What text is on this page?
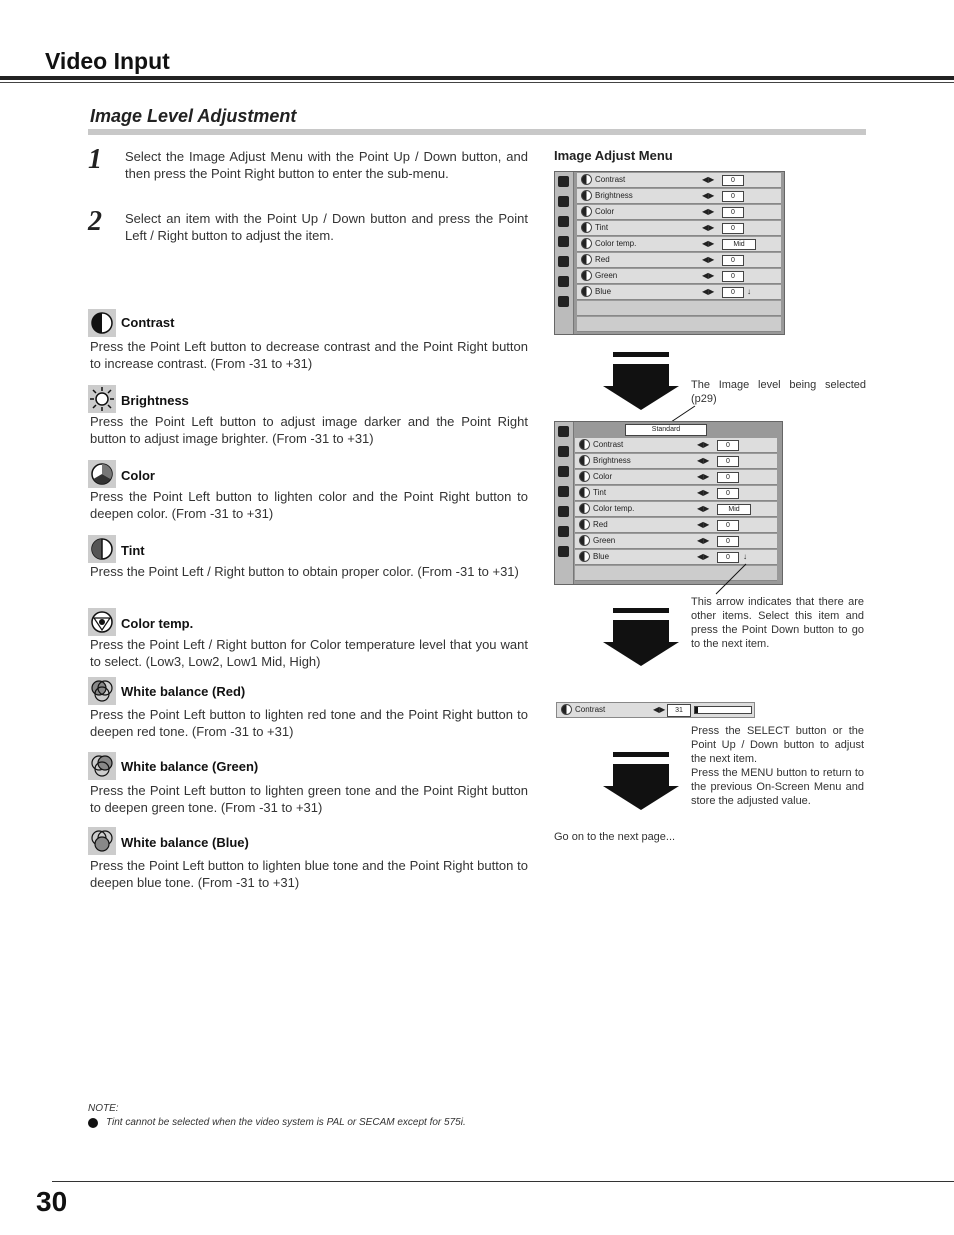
Video Input
Image Level Adjustment
1 Select the Image Adjust Menu with the Point Up / Down button, and then press the Point Right button to enter the sub-menu.
2 Select an item with the Point Up / Down button and press the Point Left / Right button to adjust the item.
Contrast
Press the Point Left button to decrease contrast and the Point Right button to increase contrast. (From -31 to +31)
Brightness
Press the Point Left button to adjust image darker and the Point Right button to adjust image brighter. (From -31 to +31)
Color
Press the Point Left button to lighten color and the Point Right button to deepen color. (From -31 to +31)
Tint
Press the Point Left / Right button to obtain proper color. (From -31 to +31)
Color temp.
Press the Point Left / Right button for Color temperature level that you want to select. (Low3, Low2, Low1 Mid, High)
White balance (Red)
Press the Point Left button to lighten red tone and the Point Right button to deepen red tone. (From -31 to +31)
White balance (Green)
Press the Point Left button to lighten green tone and the Point Right button to deepen green tone. (From -31 to +31)
White balance (Blue)
Press the Point Left button to lighten blue tone and the Point Right button to deepen blue tone. (From -31 to +31)
Image Adjust Menu
Contrast	◀▶	0
Brightness	◀▶	0
Color	◀▶	0
Tint	◀▶	0
Color temp.	◀▶	Mid
Red	◀▶	0
Green	◀▶	0
Blue	◀▶	0	↓
The Image level being selected (p29)
Standard
Contrast	◀▶	0
Brightness	◀▶	0
Color	◀▶	0
Tint	◀▶	0
Color temp.	◀▶	Mid
Red	◀▶	0
Green	◀▶	0
Blue	◀▶	0	↓
This arrow indicates that there are other items. Select this item and press the Point Down button to go to the next item.
Contrast	◀▶	31
Press the SELECT button or the Point Up / Down button to adjust the next item.
Press the MENU button to return to the previous On-Screen Menu and store the adjusted value.
Go on to the next page...
NOTE:
Tint cannot be selected when the video system is PAL or SECAM except for 575i.
30
